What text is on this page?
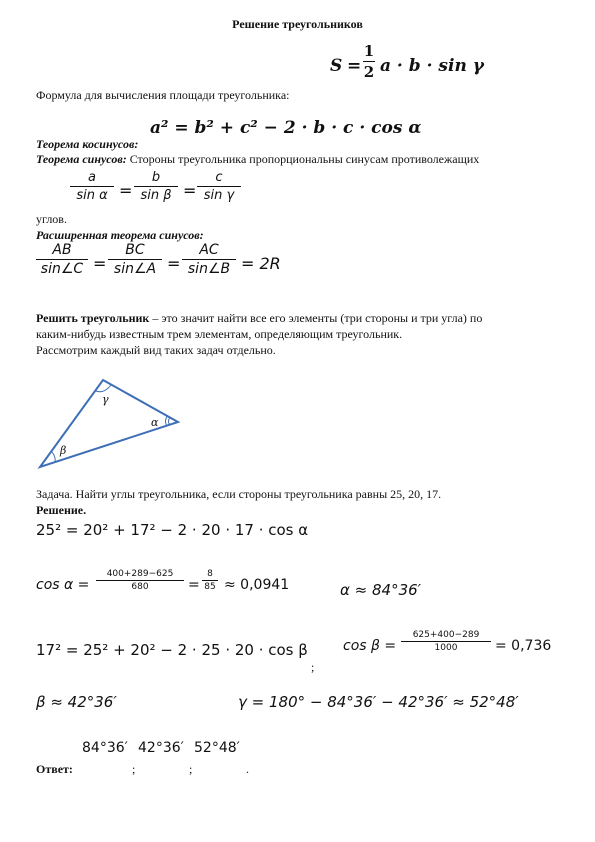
Решение треугольников
S =
1
2 a · b · sin γ
Формула для вычисления площади треугольника:
a² = b² + c² − 2 · b · c · cos α
Теорема косинусов:
Теорема синусов: Стороны треугольника пропорциональны синусам противолежащих
a
sin α =
b
sin β =
c
sin γ
углов.
Расширенная теорема синусов:
AB
sin∠C =
BC
sin∠A =
AC
sin∠B = 2R
Решить треугольник – это значит найти все его элементы (три стороны и три угла) по
каким-нибудь известным трем элементам, определяющим треугольник.
Рассмотрим каждый вид таких задач отдельно.
γ
α
β
Задача. Найти углы треугольника, если стороны треугольника равны 25, 20, 17.
Решение.
25² = 20² + 17² − 2 · 20 · 17 · cos α
cos α =
400+289−625
680	=
8
85 ≈ 0,0941	α ≈ 84°36′
17² = 25² + 20² − 2 · 25 · 20 · cos β
;
cos β =
625+400−289
1000	= 0,736
β ≈ 42°36′	γ = 180° − 84°36′ − 42°36′ ≈ 52°48′
84°36′ 42°36′ 52°48′
Ответ:	;	;	.
